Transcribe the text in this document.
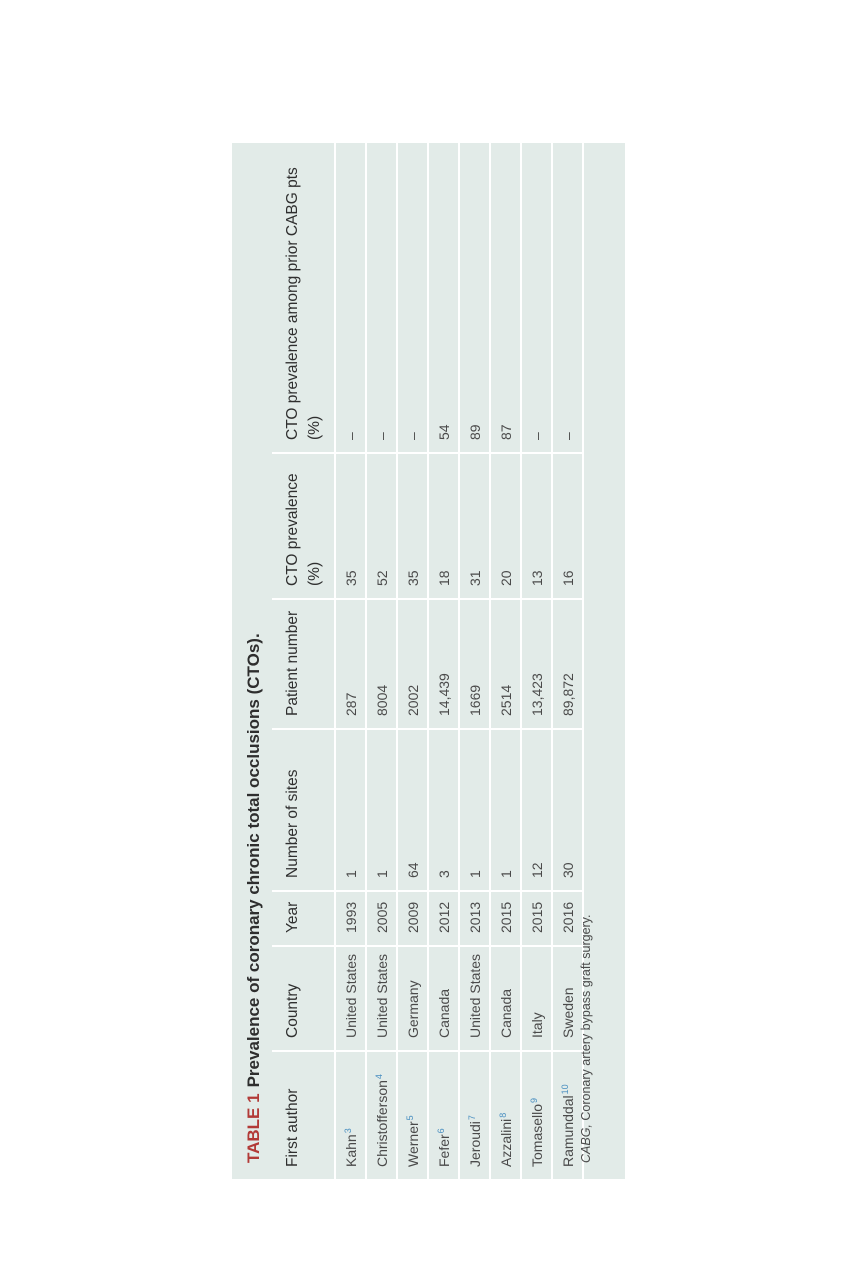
TABLE 1Prevalence of coronary chronic total occlusions (CTOs).
First author	Country	Year	Number of sites	Patient number	CTO prevalence (%)	CTO prevalence among prior CABG pts (%)
Kahn$^3$	United States	1993	1	287	35	–
Christofferson$^4$	United States	2005	1	8004	52	–
Werner$^5$	Germany	2009	64	2002	35	–
Fefer$^6$	Canada	2012	3	14,439	18	54
Jeroudi$^7$	United States	2013	1	1669	31	89
Azzalini$^8$	Canada	2015	1	2514	20	87
Tomasello$^9$	Italy	2015	12	13,423	13	–
Ramunddal$^{10}$	Sweden	2016	30	89,872	16	–
CABG, Coronary artery bypass graft surgery.
